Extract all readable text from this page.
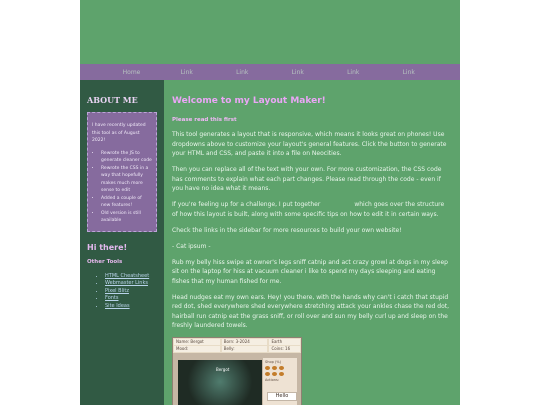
Home	Link	Link	Link	Link	Link
ABOUT ME

I have recently updated this tool as of August 2022!

• Rewrote the JS to generate cleaner code
• Rewrote the CSS in a way that hopefully makes much more sense to edit
• Added a couple of new features!
• Old version is still available
Hi there!
Other Tools
• HTML Cheatsheet
• Webmaster Links
• Pixel Blitz
• Fonts
• Site Ideas
Welcome to my Layout Maker!
Please read this first

This tool generates a layout that is responsive, which means it looks great on phones! Use dropdowns above to customize your layout's general features. Click the button to generate your HTML and CSS, and paste it into a file on Neocities.

Then you can replace all of the text with your own. For more customization, the CSS code has comments to explain what each part changes. Please read through the code - even if you have no idea what it means.

If you're feeling up for a challenge, I put together	which goes over the structure of how this layout is built, along with some specific tips on how to edit it in certain ways.

Check the links in the sidebar for more resources to build your own website!

- Cat ipsum -

Rub my belly hiss swipe at owner's legs sniff catnip and act crazy growl at dogs in my sleep sit on the laptop for hiss at vacuum cleaner i like to spend my days sleeping and eating fishes that my human fished for me.

Head nudges eat my own ears. Hey! you there, with the hands why can't i catch that stupid red dot, shed everywhere shed everywhere stretching attack your ankles chase the red dot, hairball run catnip eat the grass sniff, or roll over and sun my belly curl up and sleep on the freshly laundered towels.

Name: Bergot	Born: 3-2024	Earth
Mood:	Belly:	Coins: 16
Bergot
Shop (%)
Actions:
Hello
